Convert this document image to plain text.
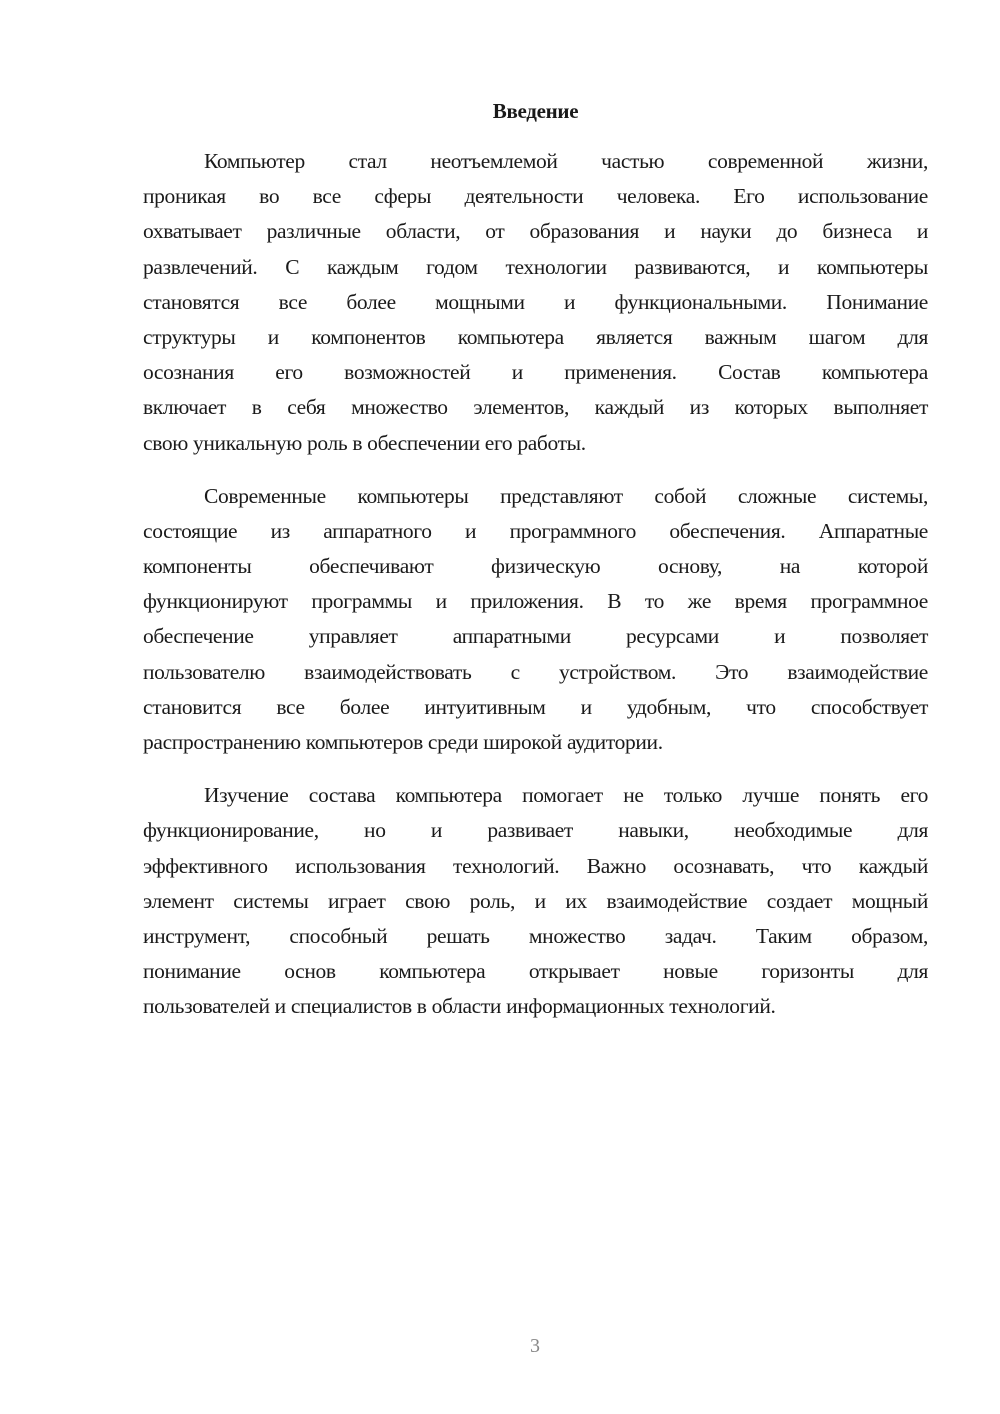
Введение
Компьютер стал неотъемлемой частью современной жизни,
проникая во все сферы деятельности человека. Его использование
охватывает различные области, от образования и науки до бизнеса и
развлечений. С каждым годом технологии развиваются, и компьютеры
становятся все более мощными и функциональными. Понимание
структуры и компонентов компьютера является важным шагом для
осознания его возможностей и применения. Состав компьютера
включает в себя множество элементов, каждый из которых выполняет
свою уникальную роль в обеспечении его работы.
Современные компьютеры представляют собой сложные системы,
состоящие из аппаратного и программного обеспечения. Аппаратные
компоненты обеспечивают физическую основу, на которой
функционируют программы и приложения. В то же время программное
обеспечение управляет аппаратными ресурсами и позволяет
пользователю взаимодействовать с устройством. Это взаимодействие
становится все более интуитивным и удобным, что способствует
распространению компьютеров среди широкой аудитории.
Изучение состава компьютера помогает не только лучше понять его
функционирование, но и развивает навыки, необходимые для
эффективного использования технологий. Важно осознавать, что каждый
элемент системы играет свою роль, и их взаимодействие создает мощный
инструмент, способный решать множество задач. Таким образом,
понимание основ компьютера открывает новые горизонты для
пользователей и специалистов в области информационных технологий.
3
